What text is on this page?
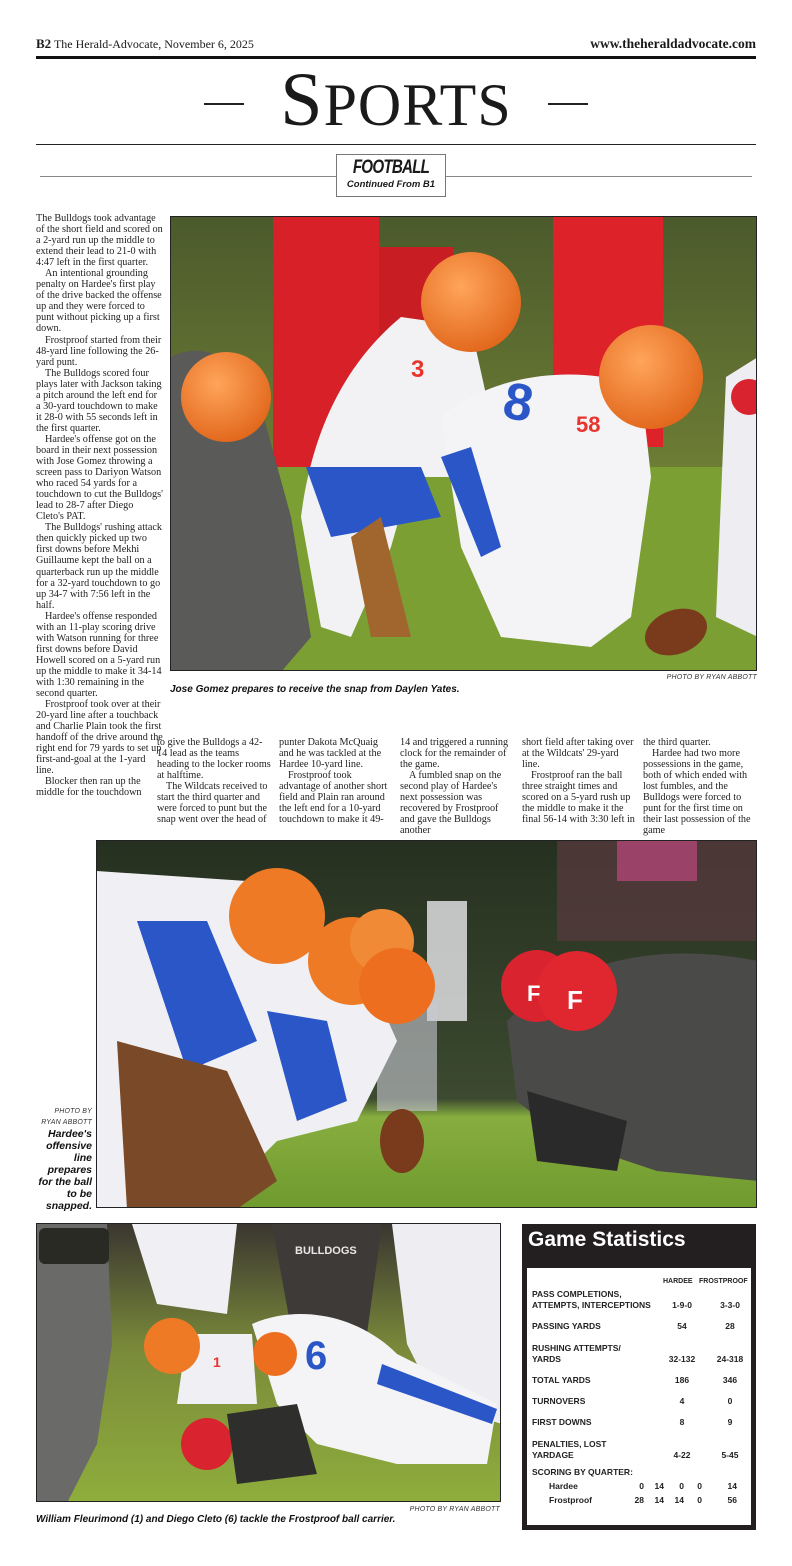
B2 The Herald-Advocate, November 6, 2025	www.theheraldadvocate.com
SPORTS
FOOTBALL
Continued From B1

The Bulldogs took advantage of the short field and scored on a 2-yard run up the middle to extend their lead to 21-0 with 4:47 left in the first quarter.

An intentional grounding penalty on Hardee's first play of the drive backed the offense up and they were forced to punt without picking up a first down.

Frostproof started from their 48-yard line following the 26-yard punt.

The Bulldogs scored four plays later with Jackson taking a pitch around the left end for a 30-yard touchdown to make it 28-0 with 55 seconds left in the first quarter.

Hardee's offense got on the board in their next possession with Jose Gomez throwing a screen pass to Dariyon Watson who raced 54 yards for a touchdown to cut the Bulldogs' lead to 28-7 after Diego Cleto's PAT.

The Bulldogs' rushing attack then quickly picked up two first downs before Mekhi Guillaume kept the ball on a quarterback run up the middle for a 32-yard touchdown to go up 34-7 with 7:56 left in the half.

Hardee's offense responded with an 11-play scoring drive with Watson running for three first downs before David Howell scored on a 5-yard run up the middle to make it 34-14 with 1:30 remaining in the second quarter.

Frostproof took over at their 20-yard line after a touchback and Charlie Plain took the first handoff of the drive around the right end for 79 yards to set up first-and-goal at the 1-yard line.

Blocker then ran up the middle for the touchdown

3
8 58
PHOTO BY RYAN ABBOTT
Jose Gomez prepares to receive the snap from Daylen Yates.

to give the Bulldogs a 42-14 lead as the teams heading to the locker rooms at halftime.

The Wildcats received to start the third quarter and were forced to punt but the snap went over the head of

punter Dakota McQuaig and he was tackled at the Hardee 10-yard line.

Frostproof took advantage of another short field and Plain ran around the left end for a 10-yard touchdown to make it 49-

14 and triggered a running clock for the remainder of the game.

A fumbled snap on the second play of Hardee's next possession was recovered by Frostproof and gave the Bulldogs another

short field after taking over at the Wildcats' 29-yard line.

Frostproof ran the ball three straight times and scored on a 5-yard rush up the middle to make it the final 56-14 with 3:30 left in

the third quarter.

Hardee had two more possessions in the game, both of which ended with lost fumbles, and the Bulldogs were forced to punt for the first time on their last possession of the game

F F
PHOTO BY
RYAN ABBOTT
Hardee's offensive line prepares for the ball to be snapped.
BULLDOGS
6
1
PHOTO BY RYAN ABBOTT
William Fleurimond (1) and Diego Cleto (6) tackle the Frostproof ball carrier.
Game Statistics
HARDEE FROSTPROOF
PASS COMPLETIONS,
ATTEMPTS, INTERCEPTIONS	1-9-0	3-3-0
PASSING YARDS	54	28
RUSHING ATTEMPTS/
YARDS	32-132	24-318
TOTAL YARDS	186	346
TURNOVERS	4	0
FIRST DOWNS	8	9
PENALTIES, LOST
YARDAGE	4-22	5-45
SCORING BY QUARTER:
Hardee	0	14	0	0	14
Frostproof	28	14	14	0	56
